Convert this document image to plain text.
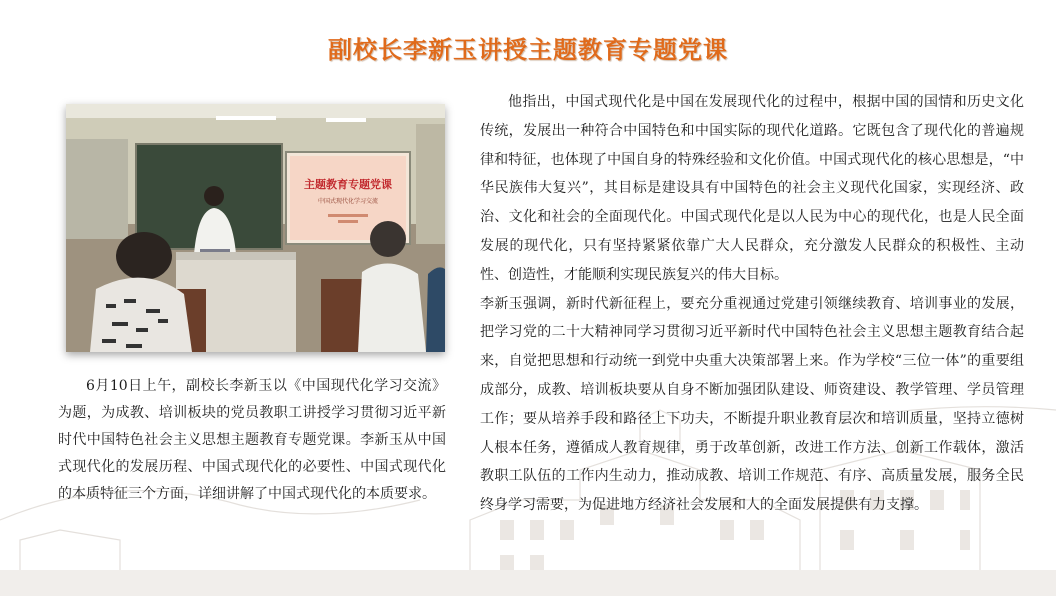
副校长李新玉讲授主题教育专题党课
主题教育专题党课
中国式现代化学习交流

6月10日上午，副校长李新玉以《中国现代化学习交流》为题，为成教、培训板块的党员教职工讲授学习贯彻习近平新时代中国特色社会主义思想主题教育专题党课。李新玉从中国式现代化的发展历程、中国式现代化的必要性、中国式现代化的本质特征三个方面，详细讲解了中国式现代化的本质要求。

他指出，中国式现代化是中国在发展现代化的过程中，根据中国的国情和历史文化传统，发展出一种符合中国特色和中国实际的现代化道路。它既包含了现代化的普遍规律和特征，也体现了中国自身的特殊经验和文化价值。中国式现代化的核心思想是，“中华民族伟大复兴”，其目标是建设具有中国特色的社会主义现代化国家，实现经济、政治、文化和社会的全面现代化。中国式现代化是以人民为中心的现代化，也是人民全面发展的现代化，只有坚持紧紧依靠广大人民群众，充分激发人民群众的积极性、主动性、创造性，才能顺利实现民族复兴的伟大目标。

李新玉强调，新时代新征程上，要充分重视通过党建引领继续教育、培训事业的发展，把学习党的二十大精神同学习贯彻习近平新时代中国特色社会主义思想主题教育结合起来，自觉把思想和行动统一到党中央重大决策部署上来。作为学校“三位一体”的重要组成部分，成教、培训板块要从自身不断加强团队建设、师资建设、教学管理、学员管理工作；要从培养手段和路径上下功夫，不断提升职业教育层次和培训质量，坚持立德树人根本任务，遵循成人教育规律，勇于改革创新，改进工作方法、创新工作载体，激活教职工队伍的工作内生动力，推动成教、培训工作规范、有序、高质量发展，服务全民终身学习需要，为促进地方经济社会发展和人的全面发展提供有力支撑。
